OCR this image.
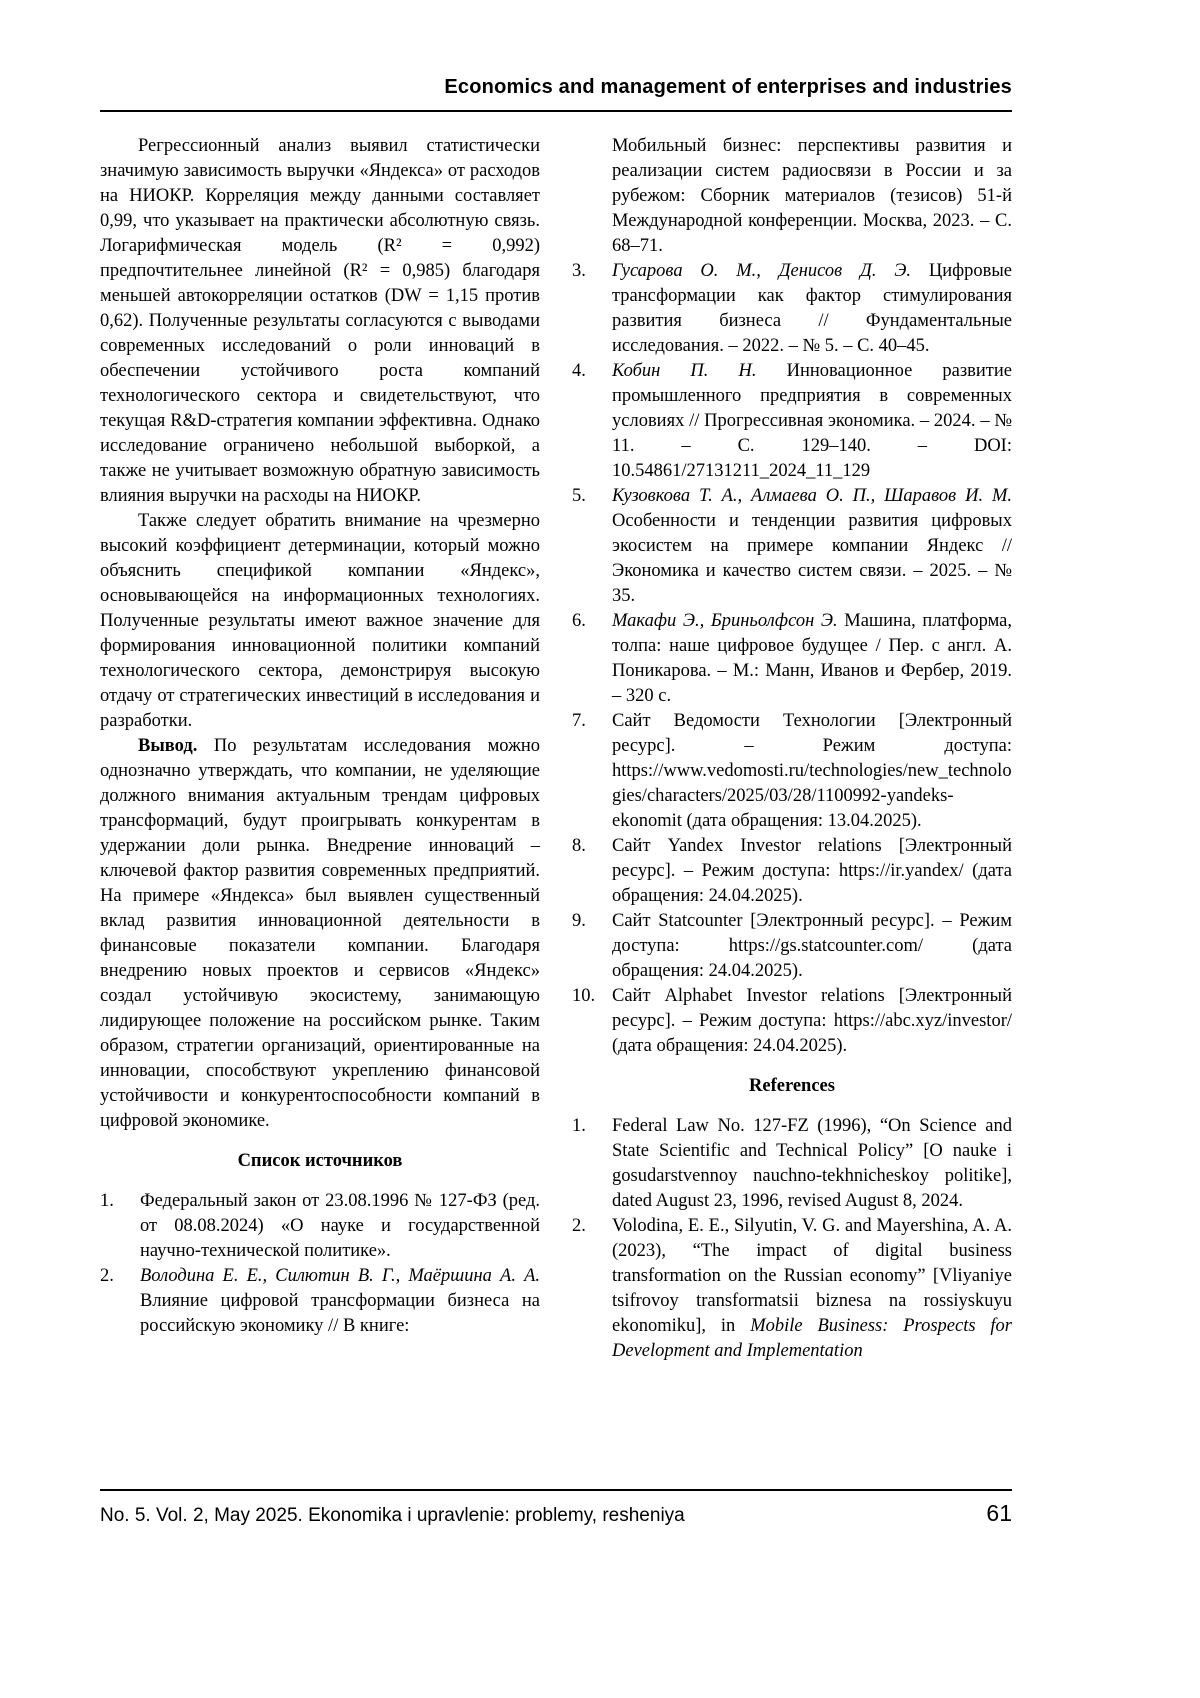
Economics and management of enterprises and industries

Регрессионный анализ выявил статистически значимую зависимость выручки «Яндекса» от расходов на НИОКР. Корреляция между данными составляет 0,99, что указывает на практически абсолютную связь. Логарифмическая модель (R² = 0,992) предпочтительнее линейной (R² = 0,985) благодаря меньшей автокорреляции остатков (DW = 1,15 против 0,62). Полученные результаты согласуются с выводами современных исследований о роли инноваций в обеспечении устойчивого роста компаний технологического сектора и свидетельствуют, что текущая R&D-стратегия компании эффективна. Однако исследование ограничено небольшой выборкой, а также не учитывает возможную обратную зависимость влияния выручки на расходы на НИОКР.

Также следует обратить внимание на чрезмерно высокий коэффициент детерминации, который можно объяснить спецификой компании «Яндекс», основывающейся на информационных технологиях. Полученные результаты имеют важное значение для формирования инновационной политики компаний технологического сектора, демонстрируя высокую отдачу от стратегических инвестиций в исследования и разработки.

Вывод. По результатам исследования можно однозначно утверждать, что компании, не уделяющие должного внимания актуальным трендам цифровых трансформаций, будут проигрывать конкурентам в удержании доли рынка. Внедрение инноваций – ключевой фактор развития современных предприятий. На примере «Яндекса» был выявлен существенный вклад развития инновационной деятельности в финансовые показатели компании. Благодаря внедрению новых проектов и сервисов «Яндекс» создал устойчивую экосистему, занимающую лидирующее положение на российском рынке. Таким образом, стратегии организаций, ориентированные на инновации, способствуют укреплению финансовой устойчивости и конкурентоспособности компаний в цифровой экономике.

Список источников
1.	Федеральный закон от 23.08.1996 № 127-ФЗ (ред. от 08.08.2024) «О науке и государственной научно-технической политике».
2.	Володина Е. Е., Силютин В. Г., Маёршина А. А. Влияние цифровой трансформации бизнеса на российскую экономику // В книге:
Мобильный бизнес: перспективы развития и реализации систем радиосвязи в России и за рубежом: Сборник материалов (тезисов) 51-й Международной конференции. Москва, 2023. – С. 68–71.
3.	Гусарова О. М., Денисов Д. Э. Цифровые трансформации как фактор стимулирования развития бизнеса // Фундаментальные исследования. – 2022. – № 5. – С. 40–45.
4.	Кобин П. Н. Инновационное развитие промышленного предприятия в современных условиях // Прогрессивная экономика. – 2024. – № 11. – С. 129–140. – DOI: 10.54861/27131211_2024_11_129
5.	Кузовкова Т. А., Алмаева О. П., Шаравов И. М. Особенности и тенденции развития цифровых экосистем на примере компании Яндекс // Экономика и качество систем связи. – 2025. – № 35.
6.	Макафи Э., Бриньолфсон Э. Машина, платформа, толпа: наше цифровое будущее / Пер. с англ. А. Поникарова. – М.: Манн, Иванов и Фербер, 2019. – 320 с.
7.	Сайт Ведомости Технологии [Электронный ресурс]. – Режим доступа: https://www.vedomosti.ru/technologies/new_technologies/characters/2025/03/28/1100992-yandeks-ekonomit (дата обращения: 13.04.2025).
8.	Сайт Yandex Investor relations [Электронный ресурс]. – Режим доступа: https://ir.yandex/ (дата обращения: 24.04.2025).
9.	Сайт Statcounter [Электронный ресурс]. – Режим доступа: https://gs.statcounter.com/ (дата обращения: 24.04.2025).
10. Сайт Alphabet Investor relations [Электронный ресурс]. – Режим доступа: https://abc.xyz/investor/ (дата обращения: 24.04.2025).
References
1.	Federal Law No. 127-FZ (1996), “On Science and State Scientific and Technical Policy” [O nauke i gosudarstvennoy nauchno-tekhnicheskoy politike], dated August 23, 1996, revised August 8, 2024.
2.	Volodina, E. E., Silyutin, V. G. and Mayershina, A. A. (2023), “The impact of digital business transformation on the Russian economy” [Vliyaniye tsifrovoy transformatsii biznesa na rossiyskuyu ekonomiku], in Mobile Business: Prospects for Development and Implementation
No. 5. Vol. 2, May 2025. Ekonomika i upravlenie: problemy, resheniya	61
